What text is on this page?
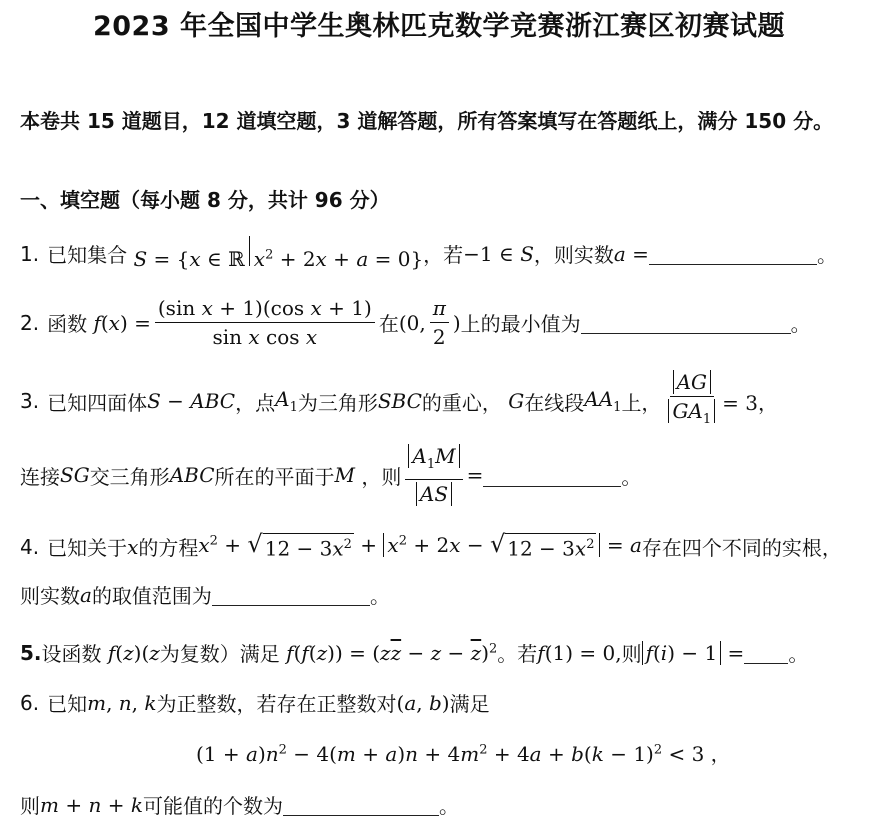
2023 年全国中学生奥林匹克数学竞赛浙江赛区初赛试题
本卷共 15 道题目，12 道填空题，3 道解答题，所有答案填写在答题纸上，满分 150 分。
一、填空题（每小题 8 分，共计 96 分）
1. 已知集合 S = {x ∈ ℝ $x^2 + 2x + a = 0$} ，若 −1 ∈ S ，则实数 a =	。
2. 函数 $f(x) = \frac{\text{(sin x + 1)(cos x + 1)}}{\text{sin x cos x}}$ 在 (0, $\frac{\pi}{2}$ ) 上的最小值为	。
3. 已知四面体 S − ABC ，点 $A_1$ 为三角形 SBC 的重心， G 在线段 $AA_1$ 上， $\frac{AG}{GA_1} = 3$，
连接 SG 交三角形 ABC 所在的平面于 M ，则 $\frac{A_1M}{AS}$ =	。
4. 已知关于 x 的方程 $x^2$ + √ $12 - 3x^2 + x^2 + 2x$ − √ $12 - 3x^2 = a$ 存在四个不同的实根，
则实数 a 的取值范围为	。
5. 设函数 f(z)(z 为复数）满足 $f(f(z)) = (z\overline{z} - z - \overline{z})^2$ 。若 f(1) = 0, 则 f(i) − 1 = 。
6. 已知 m, n, k 为正整数，若存在正整数对 (a, b) 满足
$(1 + a)n^2 - 4(m + a)n + 4m^2 + 4a + b(k - 1)^2 < 3$ ，
则 m + n + k 可能值的个数为	。
